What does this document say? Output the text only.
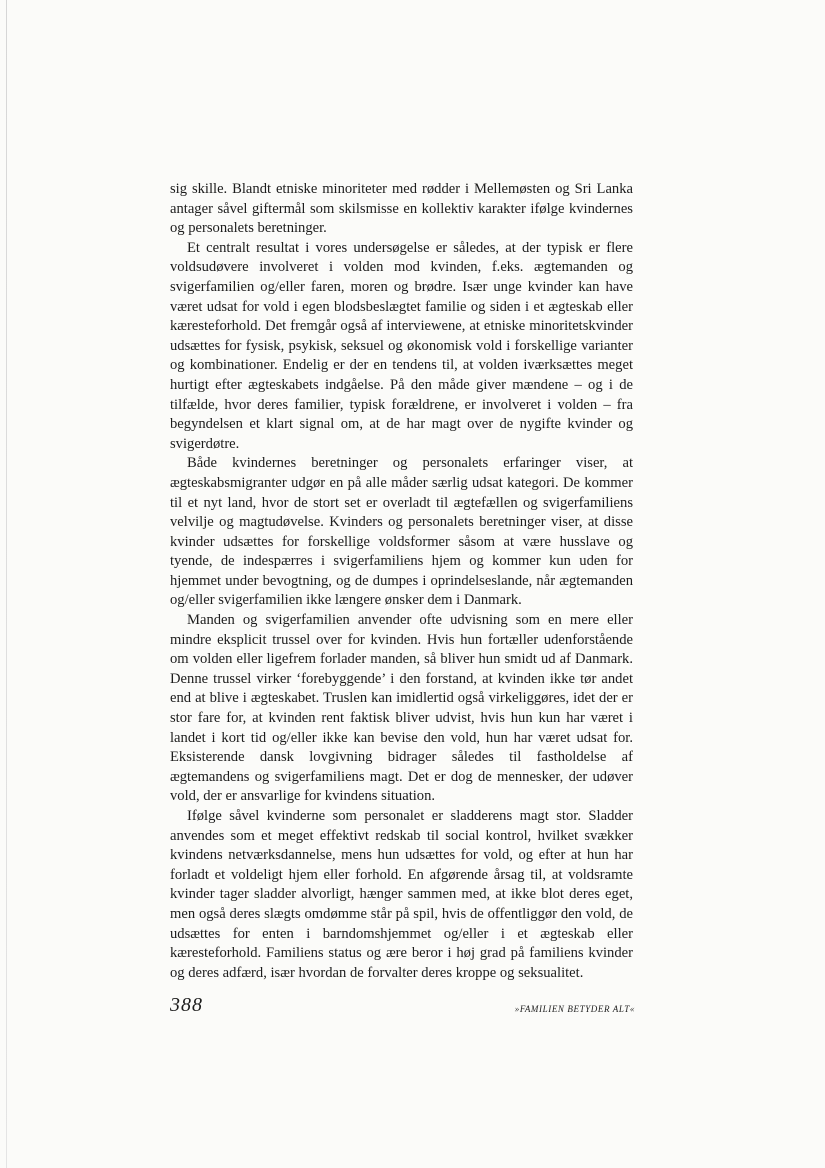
sig skille. Blandt etniske minoriteter med rødder i Mellemøsten og Sri Lanka antager såvel giftermål som skilsmisse en kollektiv karakter ifølge kvindernes og personalets beretninger.

Et centralt resultat i vores undersøgelse er således, at der typisk er flere voldsudøvere involveret i volden mod kvinden, f.eks. ægtemanden og svigerfamilien og/eller faren, moren og brødre. Især unge kvinder kan have været udsat for vold i egen blodsbeslægtet familie og siden i et ægteskab eller kæresteforhold. Det fremgår også af interviewene, at etniske minoritetskvinder udsættes for fysisk, psykisk, seksuel og økonomisk vold i forskellige varianter og kombinationer. Endelig er der en tendens til, at volden iværksættes meget hurtigt efter ægteskabets indgåelse. På den måde giver mændene – og i de tilfælde, hvor deres familier, typisk forældrene, er involveret i volden – fra begyndelsen et klart signal om, at de har magt over de nygifte kvinder og svigerdøtre.

Både kvindernes beretninger og personalets erfaringer viser, at ægteskabsmigranter udgør en på alle måder særlig udsat kategori. De kommer til et nyt land, hvor de stort set er overladt til ægtefællen og svigerfamiliens velvilje og magtudøvelse. Kvinders og personalets beretninger viser, at disse kvinder udsættes for forskellige voldsformer såsom at være husslave og tyende, de indespærres i svigerfamiliens hjem og kommer kun uden for hjemmet under bevogtning, og de dumpes i oprindelseslande, når ægtemanden og/eller svigerfamilien ikke længere ønsker dem i Danmark.

Manden og svigerfamilien anvender ofte udvisning som en mere eller mindre eksplicit trussel over for kvinden. Hvis hun fortæller udenforstående om volden eller ligefrem forlader manden, så bliver hun smidt ud af Danmark. Denne trussel virker ‘forebyggende’ i den forstand, at kvinden ikke tør andet end at blive i ægteskabet. Truslen kan imidlertid også virkeliggøres, idet der er stor fare for, at kvinden rent faktisk bliver udvist, hvis hun kun har været i landet i kort tid og/eller ikke kan bevise den vold, hun har været udsat for. Eksisterende dansk lovgivning bidrager således til fastholdelse af ægtemandens og svigerfamiliens magt. Det er dog de mennesker, der udøver vold, der er ansvarlige for kvindens situation.

Ifølge såvel kvinderne som personalet er sladderens magt stor. Sladder anvendes som et meget effektivt redskab til social kontrol, hvilket svækker kvindens netværksdannelse, mens hun udsættes for vold, og efter at hun har forladt et voldeligt hjem eller forhold. En afgørende årsag til, at voldsramte kvinder tager sladder alvorligt, hænger sammen med, at ikke blot deres eget, men også deres slægts omdømme står på spil, hvis de offentliggør den vold, de udsættes for enten i barndomshjemmet og/eller i et ægteskab eller kæresteforhold. Familiens status og ære beror i høj grad på familiens kvinder og deres adfærd, især hvordan de forvalter deres kroppe og seksualitet.

388	»FAMILIEN BETYDER ALT«
